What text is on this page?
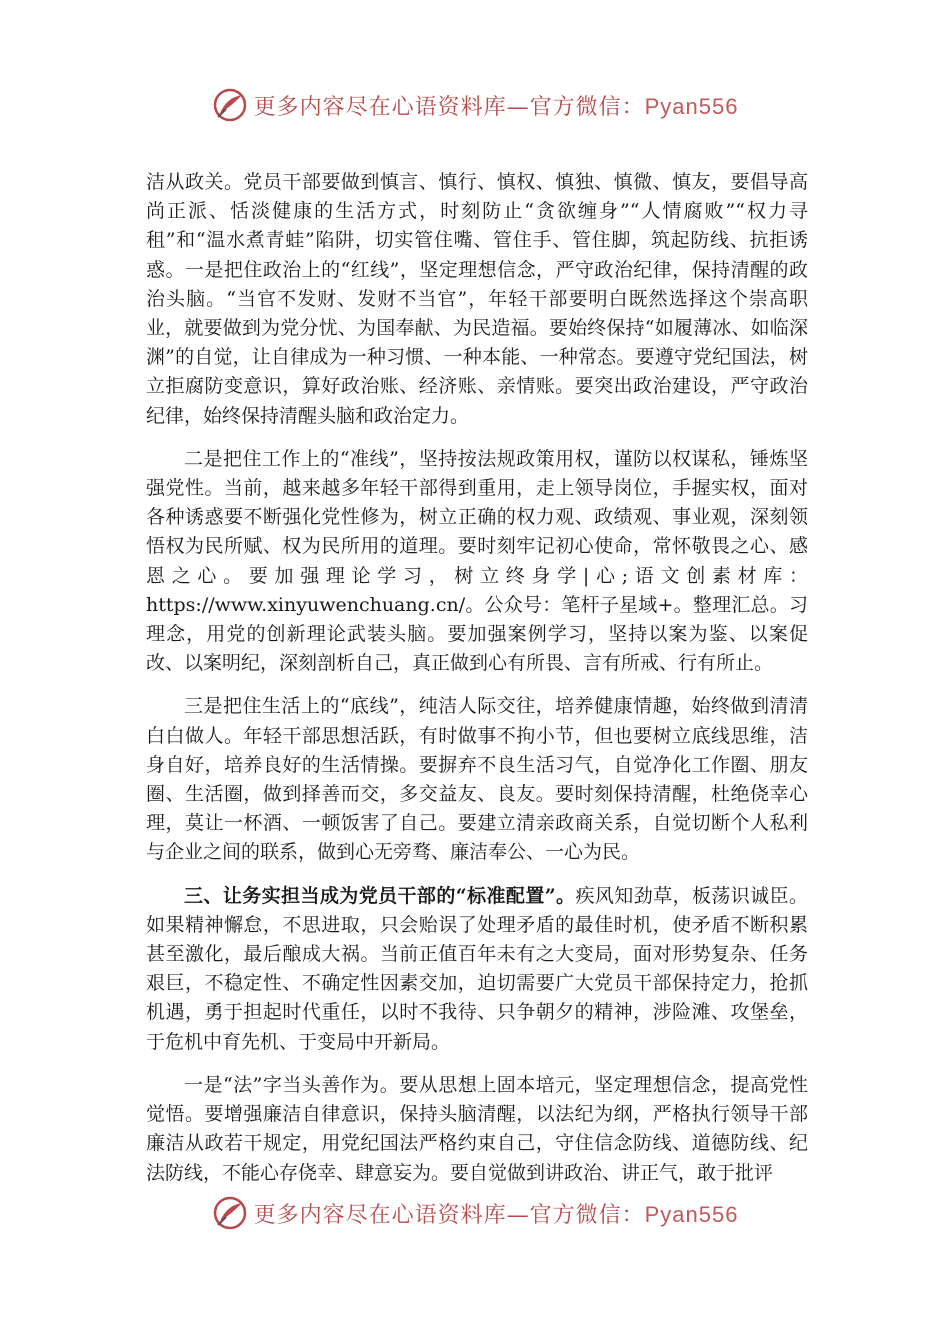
更多内容尽在心语资料库—官方微信：Pyan556

洁从政关。党员干部要做到慎言、慎行、慎权、慎独、慎微、慎友，要倡导高尚正派、恬淡健康的生活方式，时刻防止“贪欲缠身”“人情腐败”“权力寻租”和“温水煮青蛙”陷阱，切实管住嘴、管住手、管住脚，筑起防线、抗拒诱惑。一是把住政治上的“红线”，坚定理想信念，严守政治纪律，保持清醒的政治头脑。“当官不发财、发财不当官”，年轻干部要明白既然选择这个崇高职业，就要做到为党分忧、为国奉献、为民造福。要始终保持“如履薄冰、如临深渊”的自觉，让自律成为一种习惯、一种本能、一种常态。要遵守党纪国法，树立拒腐防变意识，算好政治账、经济账、亲情账。要突出政治建设，严守政治纪律，始终保持清醒头脑和政治定力。

二是把住工作上的“准线”，坚持按法规政策用权，谨防以权谋私，锤炼坚强党性。当前，越来越多年轻干部得到重用，走上领导岗位，手握实权，面对各种诱惑要不断强化党性修为，树立正确的权力观、政绩观、事业观，深刻领悟权为民所赋、权为民所用的道理。要时刻牢记初心使命，常怀敬畏之心、感恩之心。要加强理论学习，树立终身学|心;语文创素材库：https://www.xinyuwenchuang.cn/。公众号：笔杆子星域+。整理汇总。习理念，用党的创新理论武装头脑。要加强案例学习，坚持以案为鉴、以案促改、以案明纪，深刻剖析自己，真正做到心有所畏、言有所戒、行有所止。

三是把住生活上的“底线”，纯洁人际交往，培养健康情趣，始终做到清清白白做人。年轻干部思想活跃，有时做事不拘小节，但也要树立底线思维，洁身自好，培养良好的生活情操。要摒弃不良生活习气，自觉净化工作圈、朋友圈、生活圈，做到择善而交，多交益友、良友。要时刻保持清醒，杜绝侥幸心理，莫让一杯酒、一顿饭害了自己。要建立清亲政商关系，自觉切断个人私利与企业之间的联系，做到心无旁骛、廉洁奉公、一心为民。

三、让务实担当成为党员干部的“标准配置”。疾风知劲草，板荡识诚臣。如果精神懈怠，不思进取，只会贻误了处理矛盾的最佳时机，使矛盾不断积累甚至激化，最后酿成大祸。当前正值百年未有之大变局，面对形势复杂、任务艰巨，不稳定性、不确定性因素交加，迫切需要广大党员干部保持定力，抢抓机遇，勇于担起时代重任，以时不我待、只争朝夕的精神，涉险滩、攻堡垒，于危机中育先机、于变局中开新局。

一是“法”字当头善作为。要从思想上固本培元，坚定理想信念，提高党性觉悟。要增强廉洁自律意识，保持头脑清醒，以法纪为纲，严格执行领导干部廉洁从政若干规定，用党纪国法严格约束自己，守住信念防线、道德防线、纪法防线，不能心存侥幸、肆意妄为。要自觉做到讲政治、讲正气，敢于批评

更多内容尽在心语资料库—官方微信：Pyan556
